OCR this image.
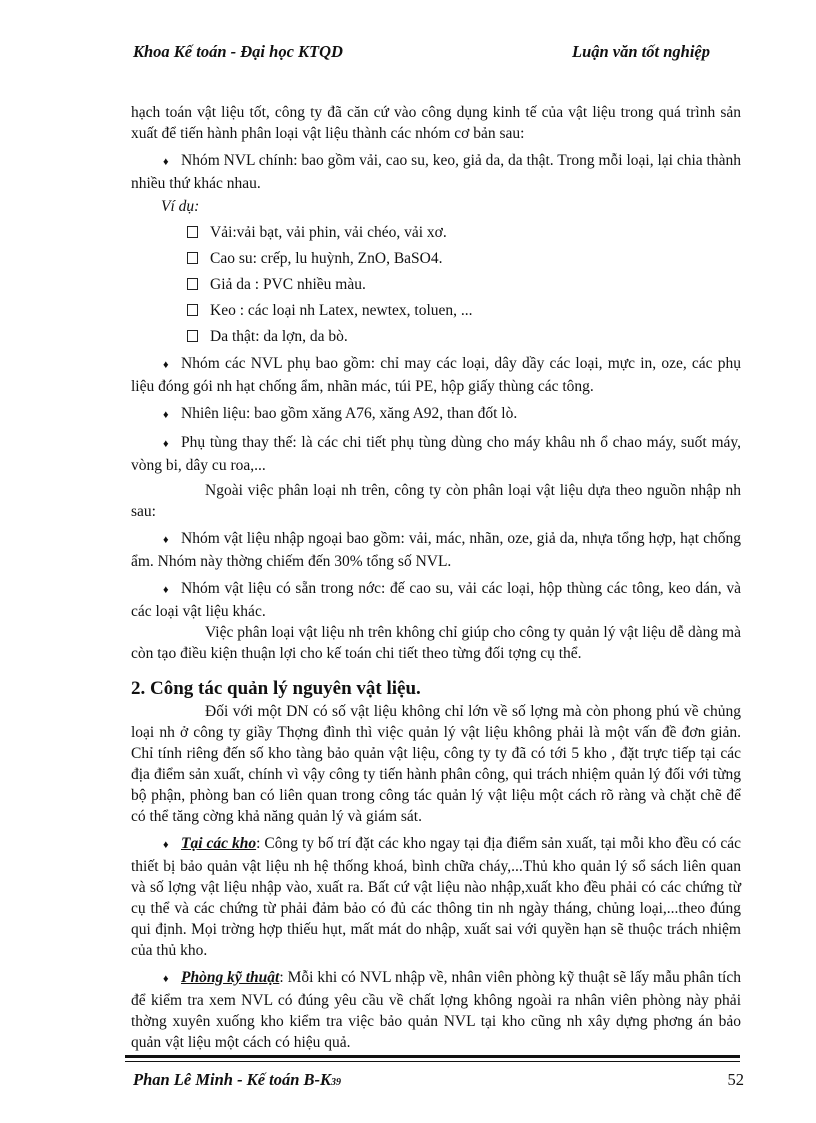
Khoa Kế toán - Đại học KTQD	Luận văn tốt nghiệp

hạch toán vật liệu tốt, công ty đã căn cứ vào công dụng kinh tế của vật liệu trong quá trình sản xuất để tiến hành phân loại vật liệu thành các nhóm cơ bản sau:

♦ Nhóm NVL chính: bao gồm vải, cao su, keo, giả da, da thật. Trong mỗi loại, lại chia thành nhiều thứ khác nhau.

Ví dụ:

Vải:vải bạt, vải phin, vải chéo, vải xơ.

Cao su: crếp, lu huỳnh, ZnO, BaSO4.

Giả da : PVC nhiều màu.

Keo : các loại nh Latex, newtex, toluen, ...

Da thật: da lợn, da bò.

♦ Nhóm các NVL phụ bao gồm: chỉ may các loại, dây dầy các loại, mực in, oze, các phụ liệu đóng gói nh hạt chống ẩm, nhãn mác, túi PE, hộp giấy thùng các tông.

♦ Nhiên liệu: bao gồm xăng A76, xăng A92, than đốt lò.

♦ Phụ tùng thay thế: là các chi tiết phụ tùng dùng cho máy khâu nh ổ chao máy, suốt máy, vòng bi, dây cu roa,...

Ngoài việc phân loại nh trên, công ty còn phân loại vật liệu dựa theo nguồn nhập nh sau:

♦ Nhóm vật liệu nhập ngoại bao gồm: vải, mác, nhãn, oze, giả da, nhựa tổng hợp, hạt chống ẩm. Nhóm này thờng chiếm đến 30% tổng số NVL.

♦ Nhóm vật liệu có sẵn trong nớc: đế cao su, vải các loại, hộp thùng các tông, keo dán, và các loại vật liệu khác.

Việc phân loại vật liệu nh trên không chỉ giúp cho công ty quản lý vật liệu dễ dàng mà còn tạo điều kiện thuận lợi cho kế toán chi tiết theo từng đối tợng cụ thể.

2. Công tác quản lý nguyên vật liệu.

Đối với một DN có số vật liệu không chỉ lớn về số lợng mà còn phong phú về chủng loại nh ở công ty giầy Thợng đình thì việc quản lý vật liệu không phải là một vấn đề đơn giản. Chỉ tính riêng đến số kho tàng bảo quản vật liệu, công ty ty đã có tới 5 kho , đặt trực tiếp tại các địa điểm sản xuất, chính vì vậy công ty tiến hành phân công, qui trách nhiệm quản lý đối với từng bộ phận, phòng ban có liên quan trong công tác quản lý vật liệu một cách rõ ràng và chặt chẽ để có thể tăng cờng khả năng quản lý và giám sát.

♦ Tại các kho: Công ty bố trí đặt các kho ngay tại địa điểm sản xuất, tại mỗi kho đều có các thiết bị bảo quản vật liệu nh hệ thống khoá, bình chữa cháy,...Thủ kho quản lý sổ sách liên quan và số lợng vật liệu nhập vào, xuất ra. Bất cứ vật liệu nào nhập,xuất kho đều phải có các chứng từ cụ thể và các chứng từ phải đảm bảo có đủ các thông tin nh ngày tháng, chủng loại,...theo đúng qui định. Mọi trờng hợp thiếu hụt, mất mát do nhập, xuất sai với quyền hạn sẽ thuộc trách nhiệm của thủ kho.

♦ Phòng kỹ thuật: Mỗi khi có NVL nhập về, nhân viên phòng kỹ thuật sẽ lấy mẫu phân tích để kiểm tra xem NVL có đúng yêu cầu về chất lợng không ngoài ra nhân viên phòng này phải thờng xuyên xuống kho kiểm tra việc bảo quản NVL tại kho cũng nh xây dựng phơng án bảo quản vật liệu một cách có hiệu quả.

Phan Lê Minh - Kế toán B-K39	52
